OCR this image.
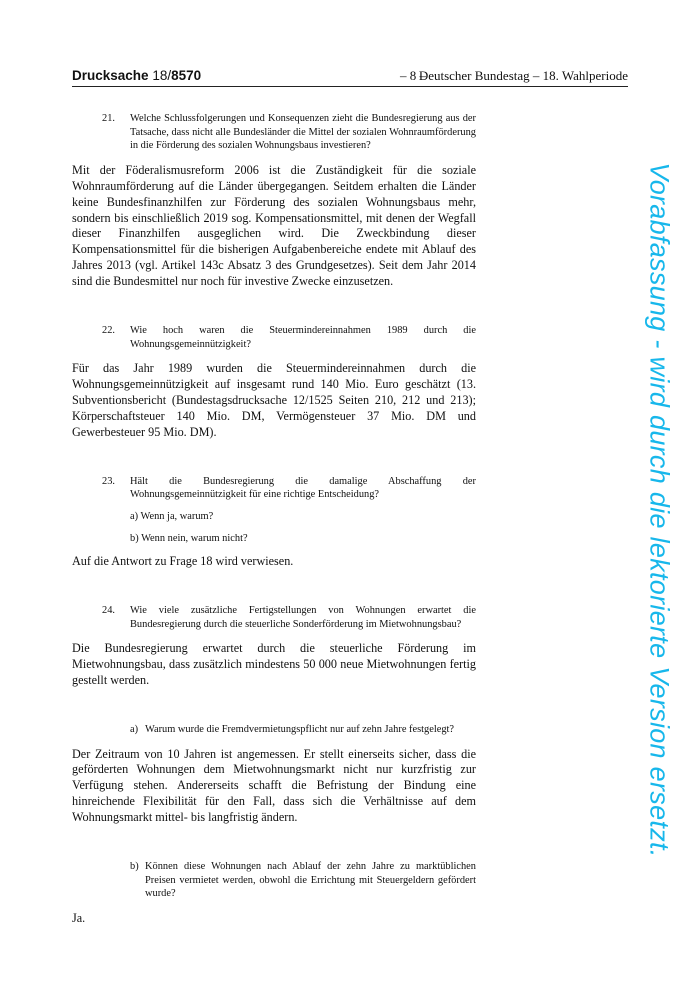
Drucksache 18/8570	– 8 –
Deutscher Bundestag – 18. Wahlperiode
21. Welche Schlussfolgerungen und Konsequenzen zieht die Bundesregierung aus der Tatsache, dass nicht alle Bundesländer die Mittel der sozialen Wohnraumförderung in die Förderung des sozialen Wohnungsbaus investieren?

Mit der Föderalismusreform 2006 ist die Zuständigkeit für die soziale Wohnraumförderung auf die Länder übergegangen. Seitdem erhalten die Länder keine Bundesfinanzhilfen zur Förderung des sozialen Wohnungsbaus mehr, sondern bis einschließlich 2019 sog. Kompensationsmittel, mit denen der Wegfall dieser Finanzhilfen ausgeglichen wird. Die Zweckbindung dieser Kompensationsmittel für die bisherigen Aufgabenbereiche endete mit Ablauf des Jahres 2013 (vgl. Artikel 143c Absatz 3 des Grundgesetzes). Seit dem Jahr 2014 sind die Bundesmittel nur noch für investive Zwecke einzusetzen.

22. Wie hoch waren die Steuermindereinnahmen 1989 durch die Wohnungsgemeinnützigkeit?

Für das Jahr 1989 wurden die Steuermindereinnahmen durch die Wohnungsgemeinnützigkeit auf insgesamt rund 140 Mio. Euro geschätzt (13. Subventionsbericht (Bundestagsdrucksache 12/1525 Seiten 210, 212 und 213); Körperschaftsteuer 140 Mio. DM, Vermögensteuer 37 Mio. DM und Gewerbesteuer 95 Mio. DM).

23. Hält die Bundesregierung die damalige Abschaffung der Wohnungsgemeinnützigkeit für eine richtige Entscheidung?
a) Wenn ja, warum?
b) Wenn nein, warum nicht?

Auf die Antwort zu Frage 18 wird verwiesen.

24. Wie viele zusätzliche Fertigstellungen von Wohnungen erwartet die Bundesregierung durch die steuerliche Sonderförderung im Mietwohnungsbau?

Die Bundesregierung erwartet durch die steuerliche Förderung im Mietwohnungsbau, dass zusätzlich mindestens 50 000 neue Mietwohnungen fertig gestellt werden.

a) Warum wurde die Fremdvermietungspflicht nur auf zehn Jahre festgelegt?

Der Zeitraum von 10 Jahren ist angemessen. Er stellt einerseits sicher, dass die geförderten Wohnungen dem Mietwohnungsmarkt nicht nur kurzfristig zur Verfügung stehen. Andererseits schafft die Befristung der Bindung eine hinreichende Flexibilität für den Fall, dass sich die Verhältnisse auf dem Wohnungsmarkt mittel- bis langfristig ändern.

b) Können diese Wohnungen nach Ablauf der zehn Jahre zu marktüblichen Preisen vermietet werden, obwohl die Errichtung mit Steuergeldern gefördert wurde?

Ja.

Vorabfassung - wird durch die lektorierte Version ersetzt.
